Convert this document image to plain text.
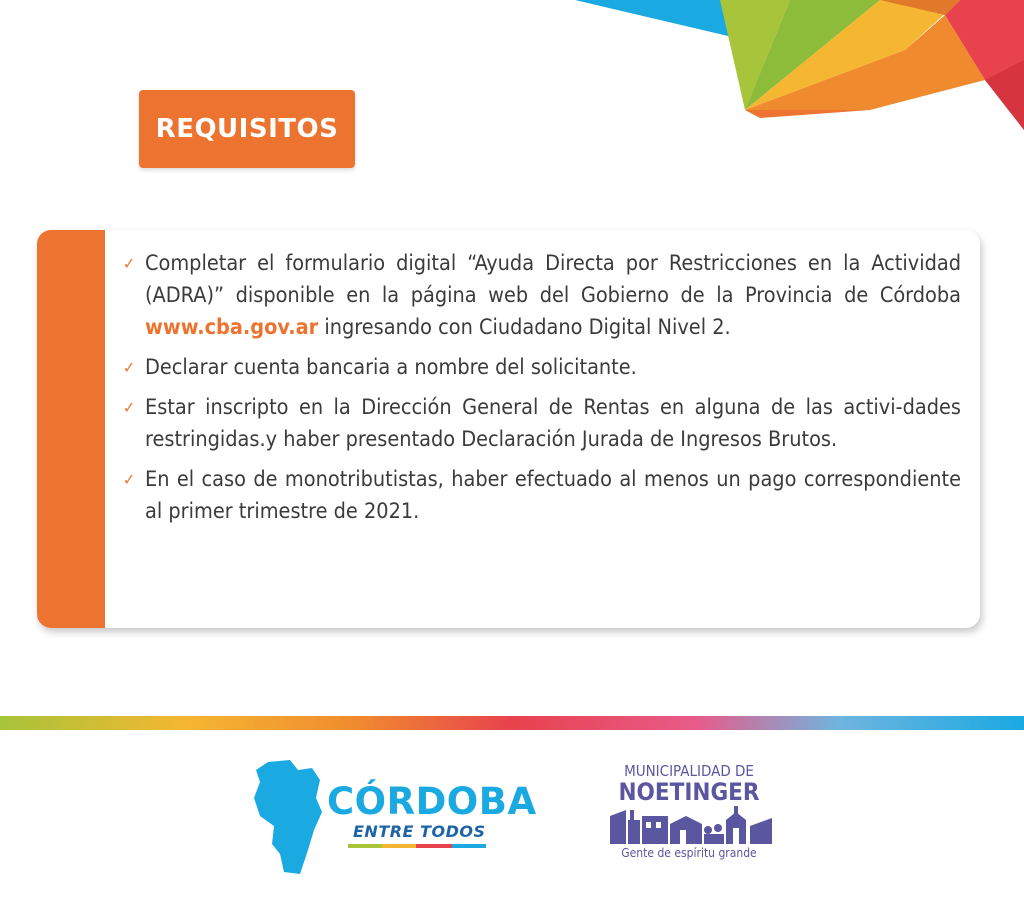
REQUISITOS
✓ Completar el formulario digital “Ayuda Directa por Restricciones en la Actividad (ADRA)” disponible en la página web del Gobierno de la Provincia de Córdoba www.cba.gov.ar ingresando con Ciudadano Digital Nivel 2.
✓ Declarar cuenta bancaria a nombre del solicitante.
✓ Estar inscripto en la Dirección General de Rentas en alguna de las activi-dades restringidas.y haber presentado Declaración Jurada de Ingresos Brutos.
✓ En el caso de monotributistas, haber efectuado al menos un pago correspondiente al primer trimestre de 2021.
CÓRDOBA
ENTRE TODOS
MUNICIPALIDAD DE
NOETINGER
Gente de espíritu grande
